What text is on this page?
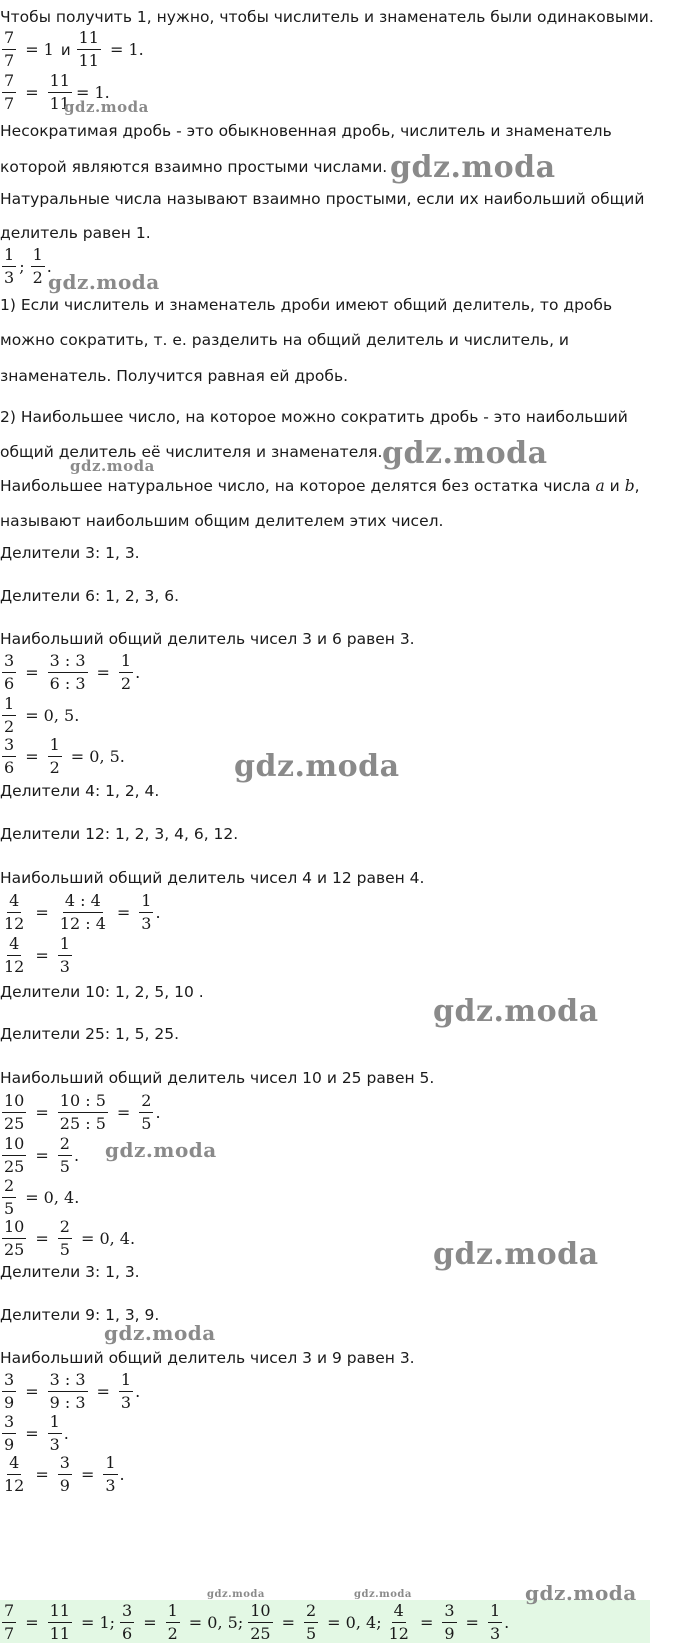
Чтобы получить 1, нужно, чтобы числитель и знаменатель были одинаковыми.
$\frac{7}{7} = 1$ и $\frac{11}{11} = 1$.
$\frac{7}{7} = \frac{11}{11} = 1$.
Несократимая дробь - это обыкновенная дробь, числитель и знаменатель
которой являются взаимно простыми числами.
Натуральные числа называют взаимно простыми, если их наибольший общий
делитель равен 1.
$\frac{1}{3}$ ; $\frac{1}{2}$ .
1) Если числитель и знаменатель дроби имеют общий делитель, то дробь
можно сократить, т. е. разделить на общий делитель и числитель, и
знаменатель. Получится равная ей дробь.
2) Наибольшее число, на которое можно сократить дробь - это наибольший
общий делитель её числителя и знаменателя.
Наибольшее натуральное число, на которое делятся без остатка числа a и b,
называют наибольшим общим делителем этих чисел.
Делители 3: 1, 3.
Делители 6: 1, 2, 3, 6.
Наибольший общий делитель чисел 3 и 6 равен 3.
$\frac{3}{6} = \frac{3 : 3}{6 : 3} = \frac{1}{2}$ .
$\frac{1}{2} = 0$, 5.
$\frac{3}{6} = \frac{1}{2} = 0$, 5.
Делители 4: 1, 2, 4.
Делители 12: 1, 2, 3, 4, 6, 12.
Наибольший общий делитель чисел 4 и 12 равен 4.
$\frac{4}{12} = \frac{4 : 4}{12 : 4} = \frac{1}{3}$ .
$\frac{4}{12} = \frac{1}{3}$
Делители 10: 1, 2, 5, 10 .
Делители 25: 1, 5, 25.
Наибольший общий делитель чисел 10 и 25 равен 5.
$\frac{10}{25} = \frac{10 : 5}{25 : 5} = \frac{2}{5}$ .
$\frac{10}{25} = \frac{2}{5}$ .
$\frac{2}{5} = 0$, 4.
$\frac{10}{25} = \frac{2}{5} = 0$, 4.
Делители 3: 1, 3.
Делители 9: 1, 3, 9.
Наибольший общий делитель чисел 3 и 9 равен 3.
$\frac{3}{9} = \frac{3 : 3}{9 : 3} = \frac{1}{3}$ .
$\frac{3}{9} = \frac{1}{3}$ .
$\frac{4}{12} = \frac{3}{9} = \frac{1}{3}$ .
$\frac{7}{7} = \frac{11}{11} = 1$; $\frac{3}{6} = \frac{1}{2} = 0$, 5; $\frac{10}{25} = \frac{2}{5} = 0$, 4; $\frac{4}{12} = \frac{3}{9} = \frac{1}{3}$ .
gdz.moda
gdz.moda
gdz.moda
gdz.moda
gdz.moda
gdz.moda
gdz.moda
gdz.moda
gdz.moda
gdz.moda
gdz.moda	gdz.moda	gdz.moda
